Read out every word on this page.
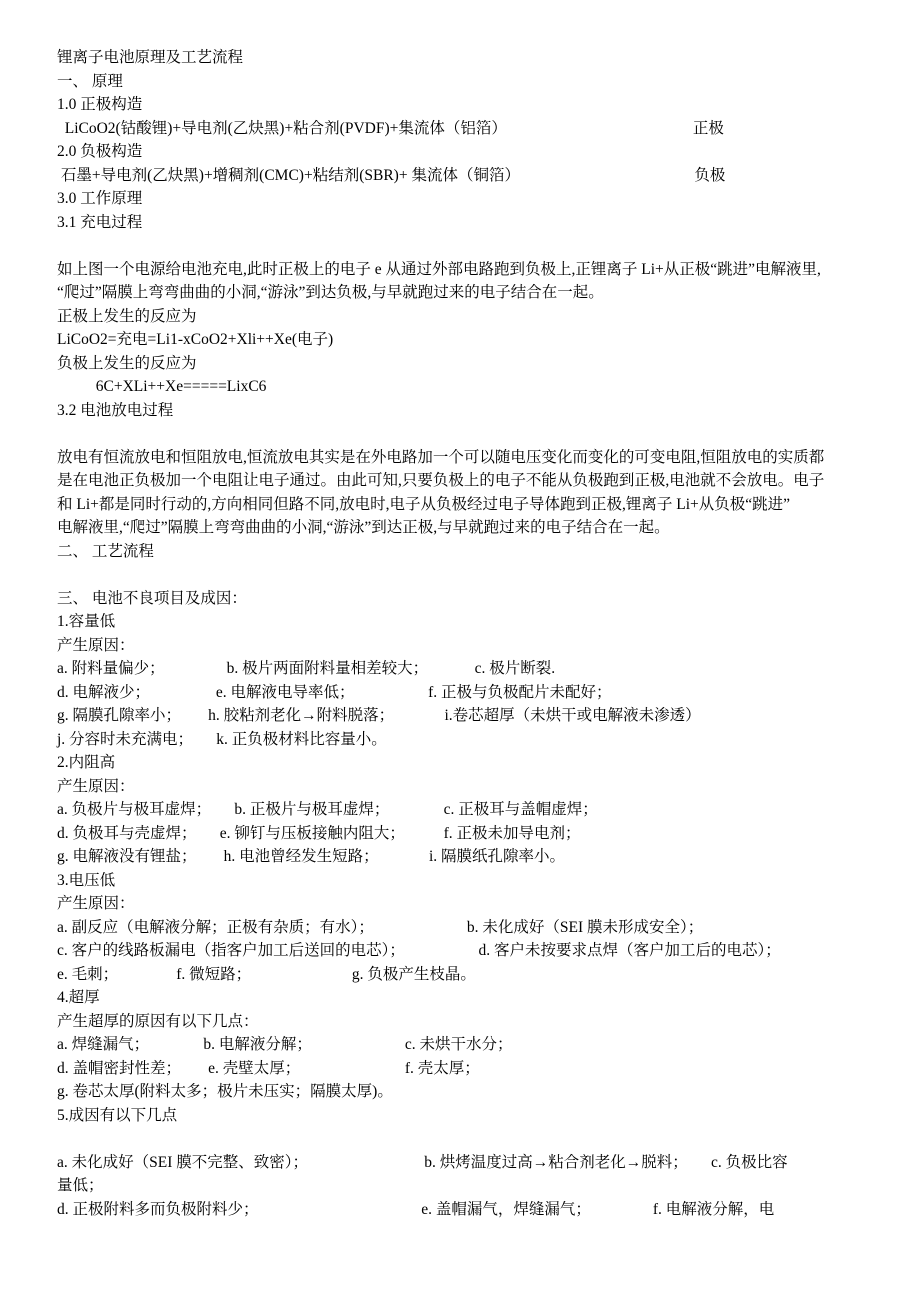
锂离子电池原理及工艺流程
一、 原理
1.0 正极构造
LiCoO2(钴酸锂)+导电剂(乙炔黑)+粘合剂(PVDF)+集流体（铝箔）                                                正极
2.0 负极构造
石墨+导电剂(乙炔黑)+增稠剂(CMC)+粘结剂(SBR)+ 集流体（铜箔）                                             负极
3.0 工作原理
3.1 充电过程
如上图一个电源给电池充电,此时正极上的电子 e 从通过外部电路跑到负极上,正锂离子 Li+从正极“跳进”电解液里,
“爬过”隔膜上弯弯曲曲的小洞,“游泳”到达负极,与早就跑过来的电子结合在一起。
正极上发生的反应为
LiCoO2=充电=Li1-xCoO2+Xli++Xe(电子)
负极上发生的反应为
6C+XLi++Xe=====LixC6
3.2 电池放电过程
放电有恒流放电和恒阻放电,恒流放电其实是在外电路加一个可以随电压变化而变化的可变电阻,恒阻放电的实质都
是在电池正负极加一个电阻让电子通过。由此可知,只要负极上的电子不能从负极跑到正极,电池就不会放电。电子
和 Li+都是同时行动的,方向相同但路不同,放电时,电子从负极经过电子导体跑到正极,锂离子 Li+从负极“跳进”
电解液里,“爬过”隔膜上弯弯曲曲的小洞,“游泳”到达正极,与早就跑过来的电子结合在一起。
二、 工艺流程
三、 电池不良项目及成因：
1.容量低
产生原因：
a. 附料量偏少；                b. 极片两面附料量相差较大；            c. 极片断裂.
d. 电解液少；                 e. 电解液电导率低；                   f. 正极与负极配片未配好；
g. 隔膜孔隙率小；       h. 胶粘剂老化→附料脱落；             i.卷芯超厚（未烘干或电解液未渗透）
j. 分容时未充满电；      k. 正负极材料比容量小。
2.内阻高
产生原因：
a. 负极片与极耳虚焊；      b. 正极片与极耳虚焊；              c. 正极耳与盖帽虚焊；
d. 负极耳与壳虚焊；      e. 铆钉与压板接触内阻大；          f. 正极未加导电剂；
g. 电解液没有锂盐；       h. 电池曾经发生短路；             i. 隔膜纸孔隙率小。
3.电压低
产生原因：
a. 副反应（电解液分解；正极有杂质；有水）；                        b. 未化成好（SEI 膜未形成安全）；
c. 客户的线路板漏电（指客户加工后送回的电芯）；                   d. 客户未按要求点焊（客户加工后的电芯）；
e. 毛刺；               f. 微短路；                          g. 负极产生枝晶。
4.超厚
产生超厚的原因有以下几点：
a. 焊缝漏气；              b. 电解液分解；                        c. 未烘干水分；
d. 盖帽密封性差；       e. 壳壁太厚；                           f. 壳太厚；
g. 卷芯太厚(附料太多；极片未压实；隔膜太厚)。
5.成因有以下几点
a. 未化成好（SEI 膜不完整、致密）；                              b. 烘烤温度过高→粘合剂老化→脱料；      c. 负极比容
量低；
d. 正极附料多而负极附料少；                                          e. 盖帽漏气，焊缝漏气；                f. 电解液分解，电
